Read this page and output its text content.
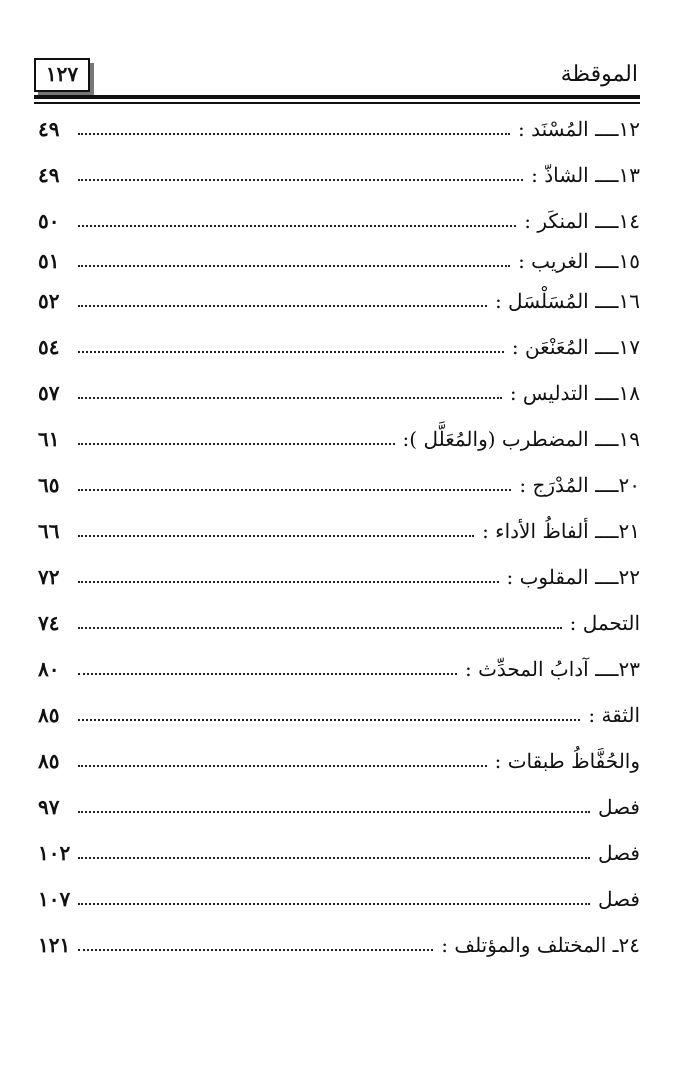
١٢٧	الموقظة
١٢ــــ المُسْنَد :
٤٩
١٣ــــ الشاذّ :
٤٩
١٤ــــ المنكَر :
٥٠
١٥ــــ الغريب :
٥١
١٦ــــ المُسَلْسَل :
٥٢
١٧ــــ المُعَنْعَن :
٥٤
١٨ــــ التدليس :
٥٧
١٩ــــ المضطرب (والمُعَلَّل ):
٦١
٢٠ــــ المُدْرَج :
٦٥
٢١ــــ ألفاظُ الأداء :
٦٦
٢٢ــــ المقلوب :
٧٢
التحمل :
٧٤
٢٣ــــ آدابُ المحدِّث :
٨٠
الثقة :
٨٥
والحُفَّاظُ طبقات :
٨٥
فصل
٩٧
فصل
١٠٢
فصل
١٠٧
٢٤ـ المختلف والمؤتلف :
١٢١
